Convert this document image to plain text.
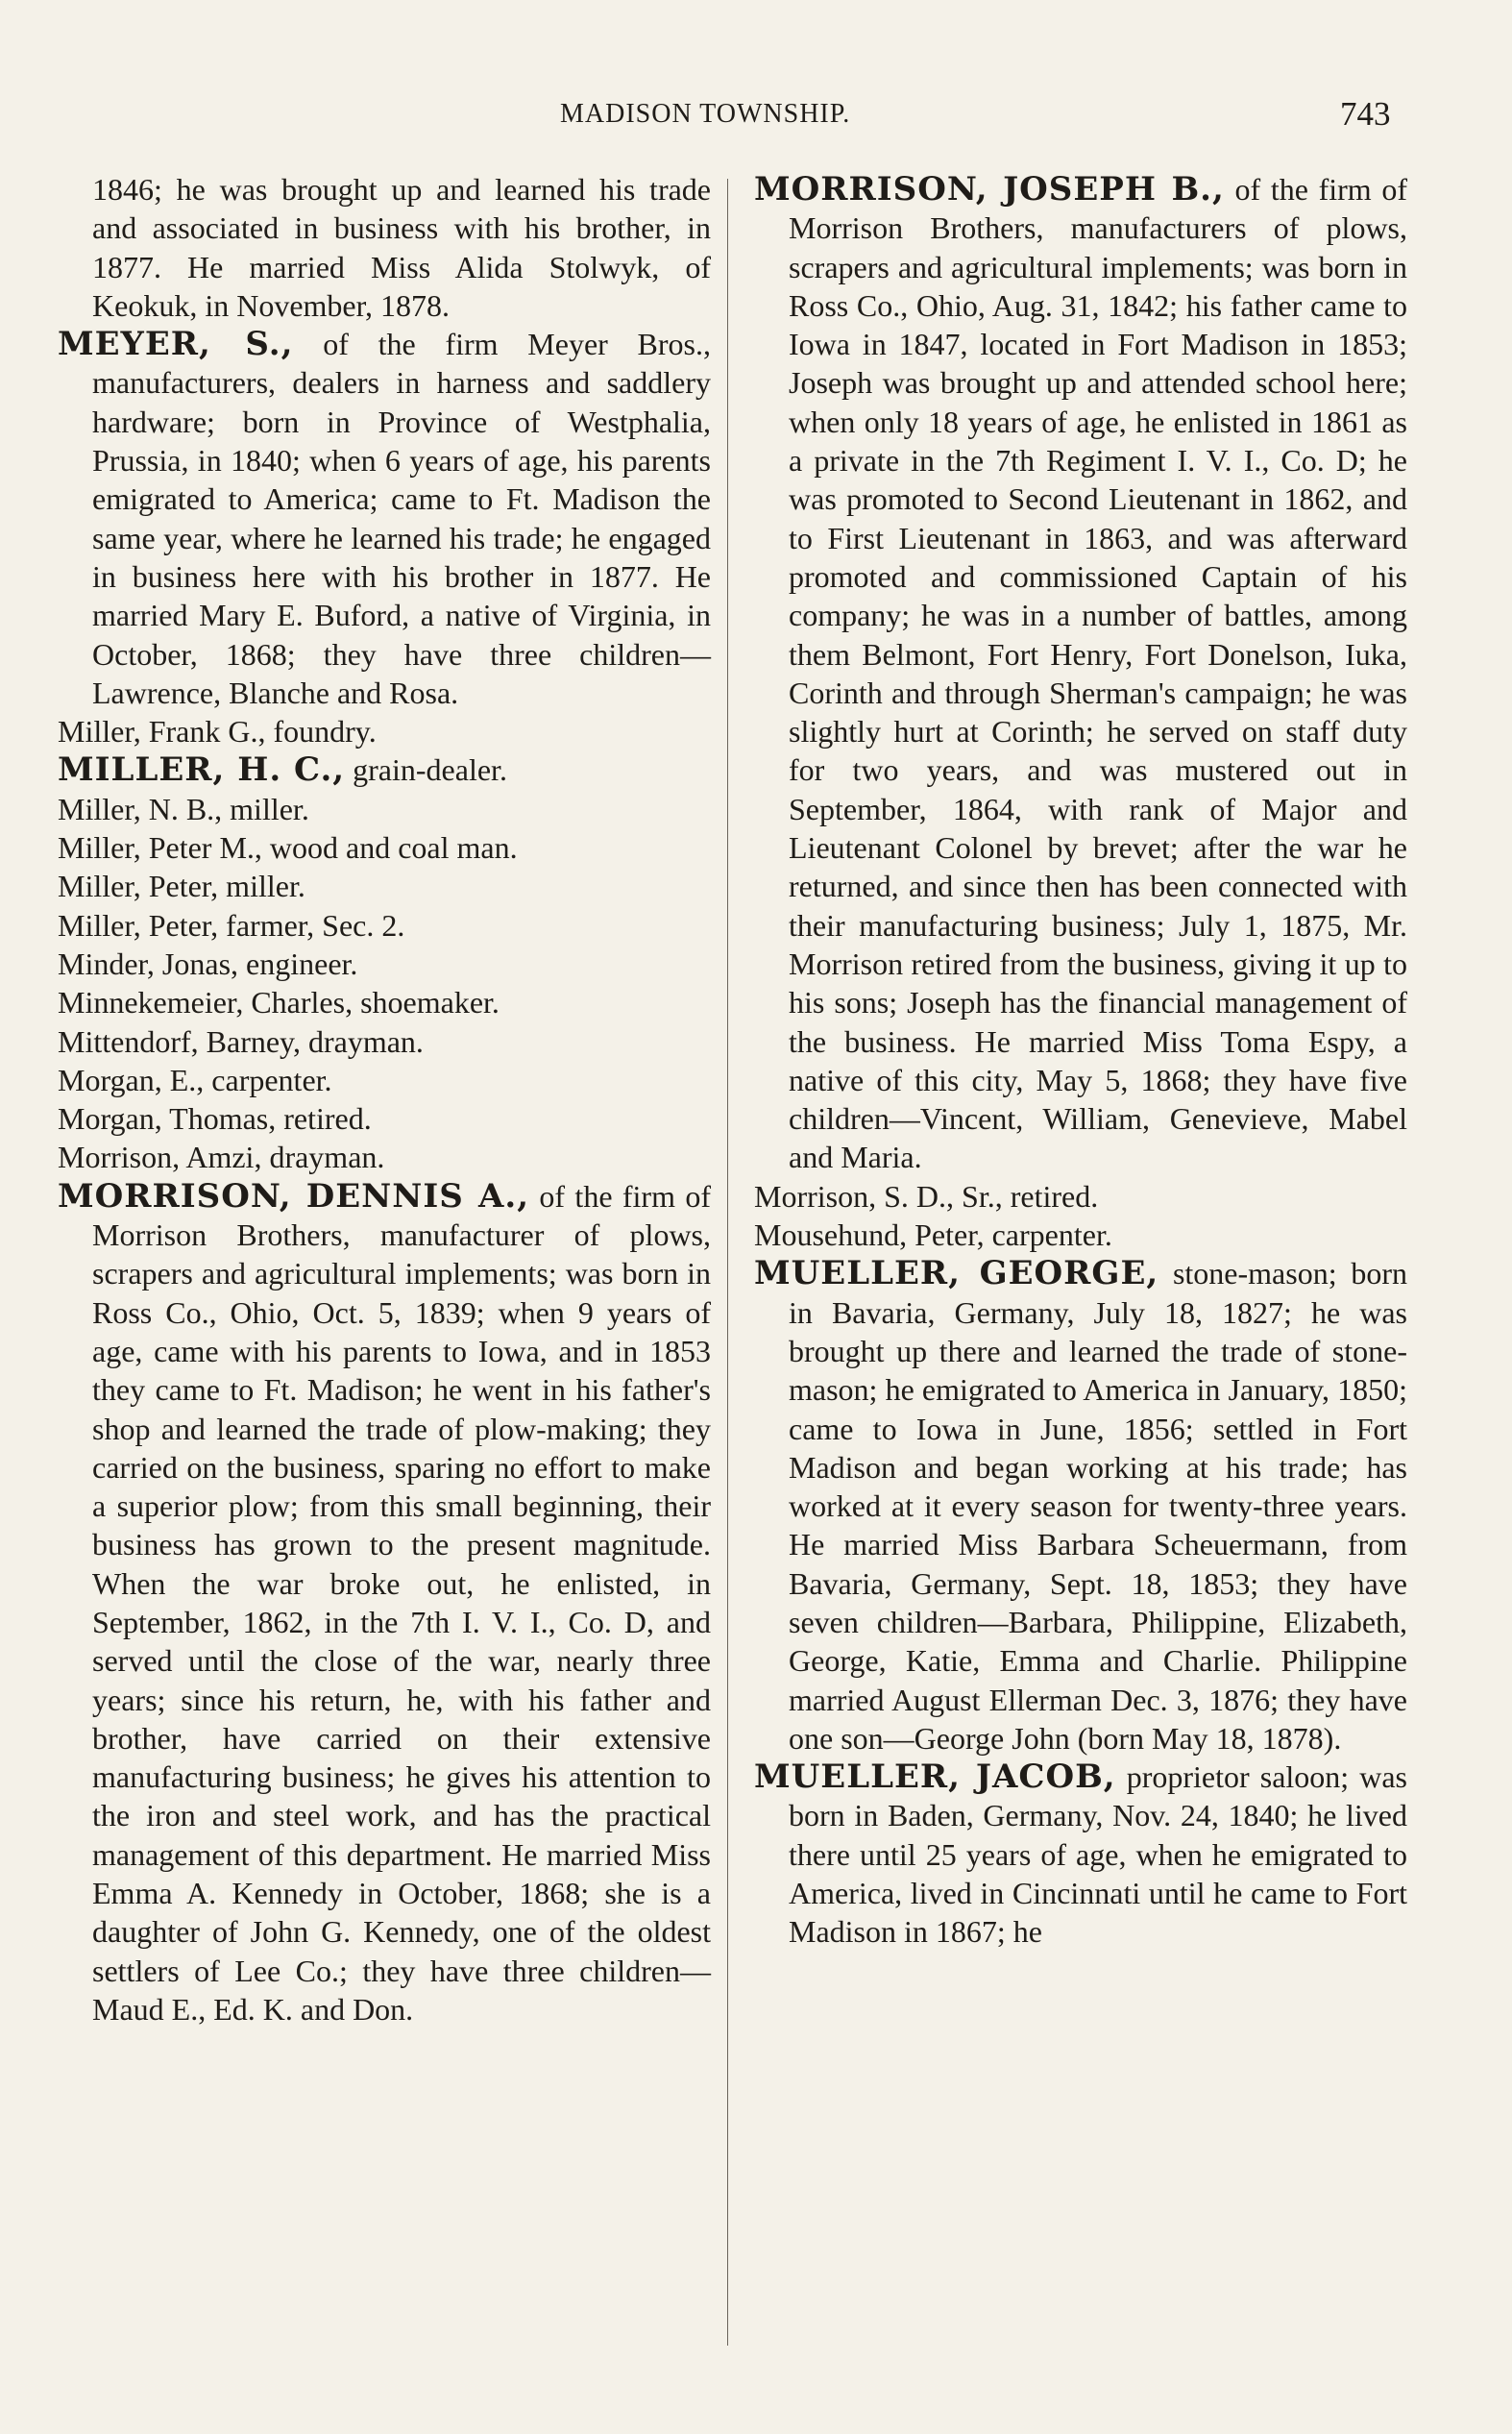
MADISON TOWNSHIP.	743

1846; he was brought up and learned his trade and associated in business with his brother, in 1877. He married Miss Alida Stolwyk, of Keokuk, in November, 1878.

MEYER, S., of the firm Meyer Bros., manufacturers, dealers in harness and saddlery hardware; born in Province of Westphalia, Prussia, in 1840; when 6 years of age, his parents emigrated to America; came to Ft. Madison the same year, where he learned his trade; he engaged in business here with his brother in 1877. He married Mary E. Buford, a native of Virginia, in October, 1868; they have three children—Lawrence, Blanche and Rosa.

Miller, Frank G., foundry.

MILLER, H. C., grain-dealer.

Miller, N. B., miller.

Miller, Peter M., wood and coal man.

Miller, Peter, miller.

Miller, Peter, farmer, Sec. 2.

Minder, Jonas, engineer.

Minnekemeier, Charles, shoemaker.

Mittendorf, Barney, drayman.

Morgan, E., carpenter.

Morgan, Thomas, retired.

Morrison, Amzi, drayman.

MORRISON, DENNIS A., of the firm of Morrison Brothers, manufacturer of plows, scrapers and agricultural implements; was born in Ross Co., Ohio, Oct. 5, 1839; when 9 years of age, came with his parents to Iowa, and in 1853 they came to Ft. Madison; he went in his father's shop and learned the trade of plow-making; they carried on the business, sparing no effort to make a superior plow; from this small beginning, their business has grown to the present magnitude. When the war broke out, he enlisted, in September, 1862, in the 7th I. V. I., Co. D, and served until the close of the war, nearly three years; since his return, he, with his father and brother, have carried on their extensive manufacturing business; he gives his attention to the iron and steel work, and has the practical management of this department. He married Miss Emma A. Kennedy in October, 1868; she is a daughter of John G. Kennedy, one of the oldest settlers of Lee Co.; they have three children—Maud E., Ed. K. and Don.

MORRISON, JOSEPH B., of the firm of Morrison Brothers, manufacturers of plows, scrapers and agricultural implements; was born in Ross Co., Ohio, Aug. 31, 1842; his father came to Iowa in 1847, located in Fort Madison in 1853; Joseph was brought up and attended school here; when only 18 years of age, he enlisted in 1861 as a private in the 7th Regiment I. V. I., Co. D; he was promoted to Second Lieutenant in 1862, and to First Lieutenant in 1863, and was afterward promoted and commissioned Captain of his company; he was in a number of battles, among them Belmont, Fort Henry, Fort Donelson, Iuka, Corinth and through Sherman's campaign; he was slightly hurt at Corinth; he served on staff duty for two years, and was mustered out in September, 1864, with rank of Major and Lieutenant Colonel by brevet; after the war he returned, and since then has been connected with their manufacturing business; July 1, 1875, Mr. Morrison retired from the business, giving it up to his sons; Joseph has the financial management of the business. He married Miss Toma Espy, a native of this city, May 5, 1868; they have five children—Vincent, William, Genevieve, Mabel and Maria.

Morrison, S. D., Sr., retired.

Mousehund, Peter, carpenter.

MUELLER, GEORGE, stone-mason; born in Bavaria, Germany, July 18, 1827; he was brought up there and learned the trade of stone-mason; he emigrated to America in January, 1850; came to Iowa in June, 1856; settled in Fort Madison and began working at his trade; has worked at it every season for twenty-three years. He married Miss Barbara Scheuermann, from Bavaria, Germany, Sept. 18, 1853; they have seven children—Barbara, Philippine, Elizabeth, George, Katie, Emma and Charlie. Philippine married August Ellerman Dec. 3, 1876; they have one son—George John (born May 18, 1878).

MUELLER, JACOB, proprietor saloon; was born in Baden, Germany, Nov. 24, 1840; he lived there until 25 years of age, when he emigrated to America, lived in Cincinnati until he came to Fort Madison in 1867; he
